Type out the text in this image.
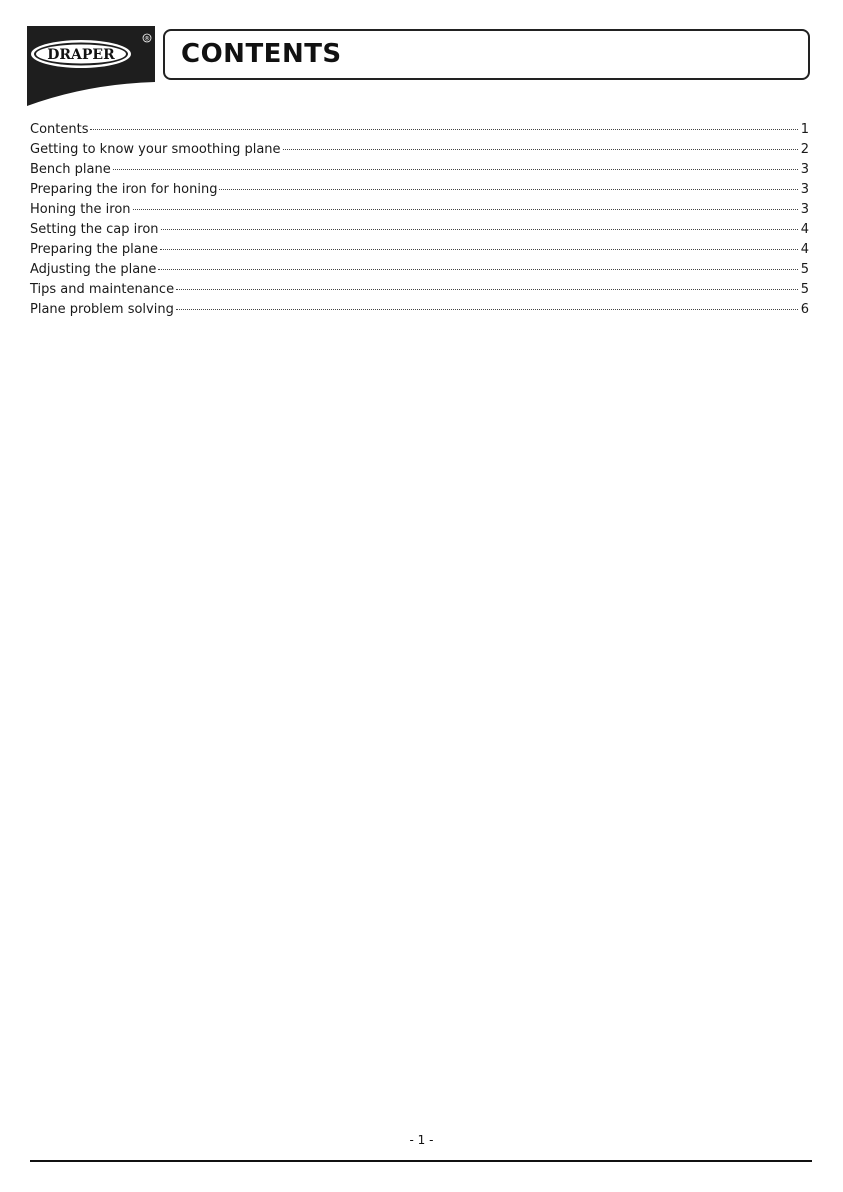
DRAPER
® CONTENTS
Contents	1
Getting to know your smoothing plane	2
Bench plane	3
Preparing the iron for honing	3
Honing the iron	3
Setting the cap iron	4
Preparing the plane	4
Adjusting the plane	5
Tips and maintenance	5
Plane problem solving	6
- 1 -
